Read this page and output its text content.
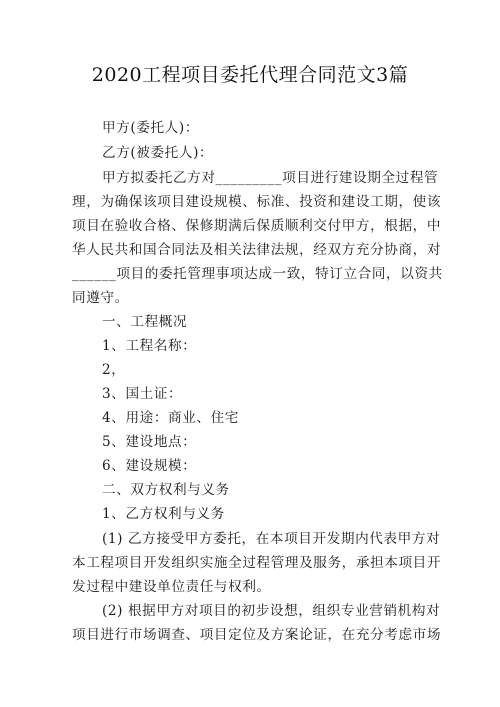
2020工程项目委托代理合同范文3篇
甲方(委托人)：
乙方(被委托人)：
甲方拟委托乙方对_________项目进行建设期全过程管
理，为确保该项目建设规模、标准、投资和建设工期，使该
项目在验收合格、保修期满后保质顺利交付甲方，根据，中
华人民共和国合同法及相关法律法规，经双方充分协商，对
______项目的委托管理事项达成一致，特订立合同，以资共
同遵守。
一、工程概况
1、工程名称：
2，
3、国土证：
4、用途：商业、住宅
5、建设地点：
6、建设规模：
二、双方权利与义务
1、乙方权利与义务
(1) 乙方接受甲方委托，在本项目开发期内代表甲方对
本工程项目开发组织实施全过程管理及服务，承担本项目开
发过程中建设单位责任与权利。
(2) 根据甲方对项目的初步设想，组织专业营销机构对
项目进行市场调查、项目定位及方案论证，在充分考虑市场
